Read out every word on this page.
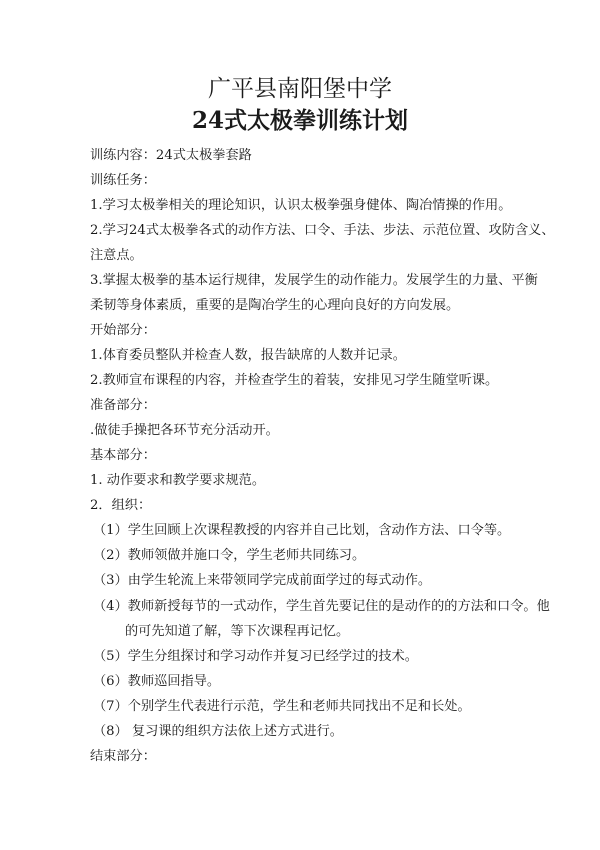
广平县南阳堡中学
24式太极拳训练计划
训练内容：24式太极拳套路
训练任务：
1.学习太极拳相关的理论知识，认识太极拳强身健体、陶冶情操的作用。
2.学习24式太极拳各式的动作方法、口令、手法、步法、示范位置、攻防含义、
注意点。
3.掌握太极拳的基本运行规律，发展学生的动作能力。发展学生的力量、平衡
柔韧等身体素质，重要的是陶冶学生的心理向良好的方向发展。
开始部分：
1.体育委员整队并检查人数，报告缺席的人数并记录。
2.教师宣布课程的内容，并检查学生的着装，安排见习学生随堂听课。
准备部分：
.做徒手操把各环节充分活动开。
基本部分：
1. 动作要求和教学要求规范。
2．组织：
（1）学生回顾上次课程教授的内容并自己比划，含动作方法、口令等。
（2）教师领做并施口令，学生老师共同练习。
（3）由学生轮流上来带领同学完成前面学过的每式动作。
（4）教师新授每节的一式动作，学生首先要记住的是动作的的方法和口令。他
的可先知道了解，等下次课程再记忆。
（5）学生分组探讨和学习动作并复习已经学过的技术。
（6）教师巡回指导。
（7）个别学生代表进行示范，学生和老师共同找出不足和长处。
（8） 复习课的组织方法依上述方式进行。
结束部分：
